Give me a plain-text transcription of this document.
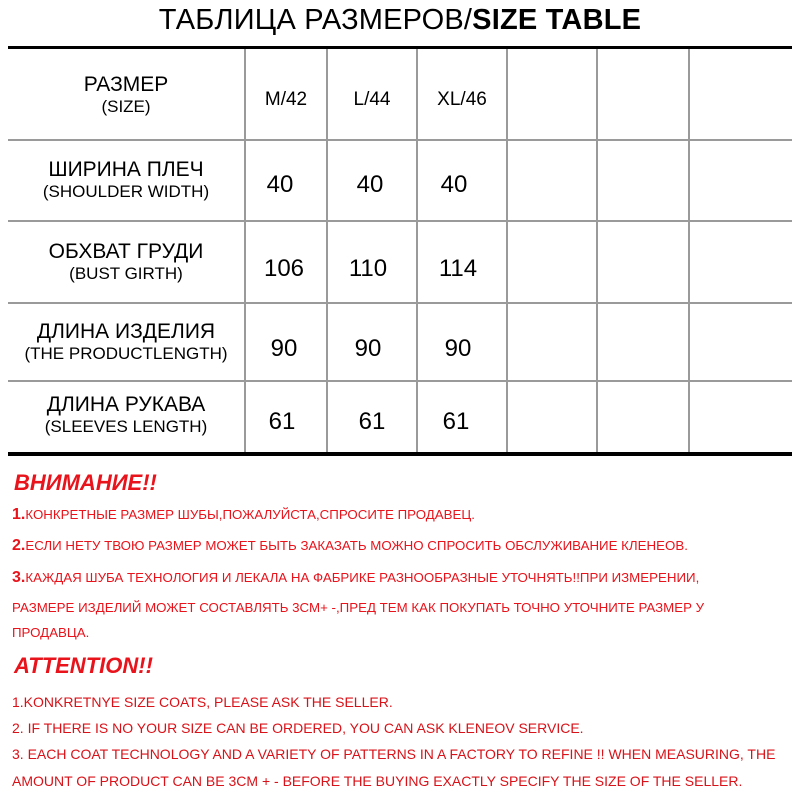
ТАБЛИЦА РАЗМЕРОВ/SIZE TABLE
РАЗМЕР
(SIZE)	M/42	L/44	XL/46
ШИРИНА ПЛЕЧ
(SHOULDER WIDTH)	40	40	40
ОБХВАТ ГРУДИ
(BUST GIRTH)	106	110	114
ДЛИНА ИЗДЕЛИЯ
(THE PRODUCTLENGTH)	90	90	90
ДЛИНА РУКАВА
(SLEEVES LENGTH)	61	61	61
ВНИМАНИЕ!!
1.КОНКРЕТНЫЕ РАЗМЕР ШУБЫ,ПОЖАЛУЙСТА,СПРОСИТЕ ПРОДАВЕЦ.
2.ЕСЛИ НЕТУ ТВОЮ РАЗМЕР МОЖЕТ БЫТЬ ЗАКАЗАТЬ МОЖНО СПРОСИТЬ ОБСЛУЖИВАНИЕ КЛЕНЕОВ.
3.КАЖДАЯ ШУБА ТЕХНОЛОГИЯ И ЛЕКАЛА НА ФАБРИКЕ РАЗНООБРАЗНЫЕ УТОЧНЯТЬ!!ПРИ ИЗМЕРЕНИИ,
РАЗМЕРЕ ИЗДЕЛИЙ МОЖЕТ СОСТАВЛЯТЬ 3СМ+ -,ПРЕД ТЕМ КАК ПОКУПАТЬ ТОЧНО УТОЧНИТЕ РАЗМЕР У
ПРОДАВЦА.
ATTENTION!!
1.KONKRETNYE SIZE COATS, PLEASE ASK THE SELLER.
2. IF THERE IS NO YOUR SIZE CAN BE ORDERED, YOU CAN ASK KLENEOV SERVICE.
3. EACH COAT TECHNOLOGY AND A VARIETY OF PATTERNS IN A FACTORY TO REFINE !! WHEN MEASURING, THE
AMOUNT OF PRODUCT CAN BE 3CM + - BEFORE THE BUYING EXACTLY SPECIFY THE SIZE OF THE SELLER.
